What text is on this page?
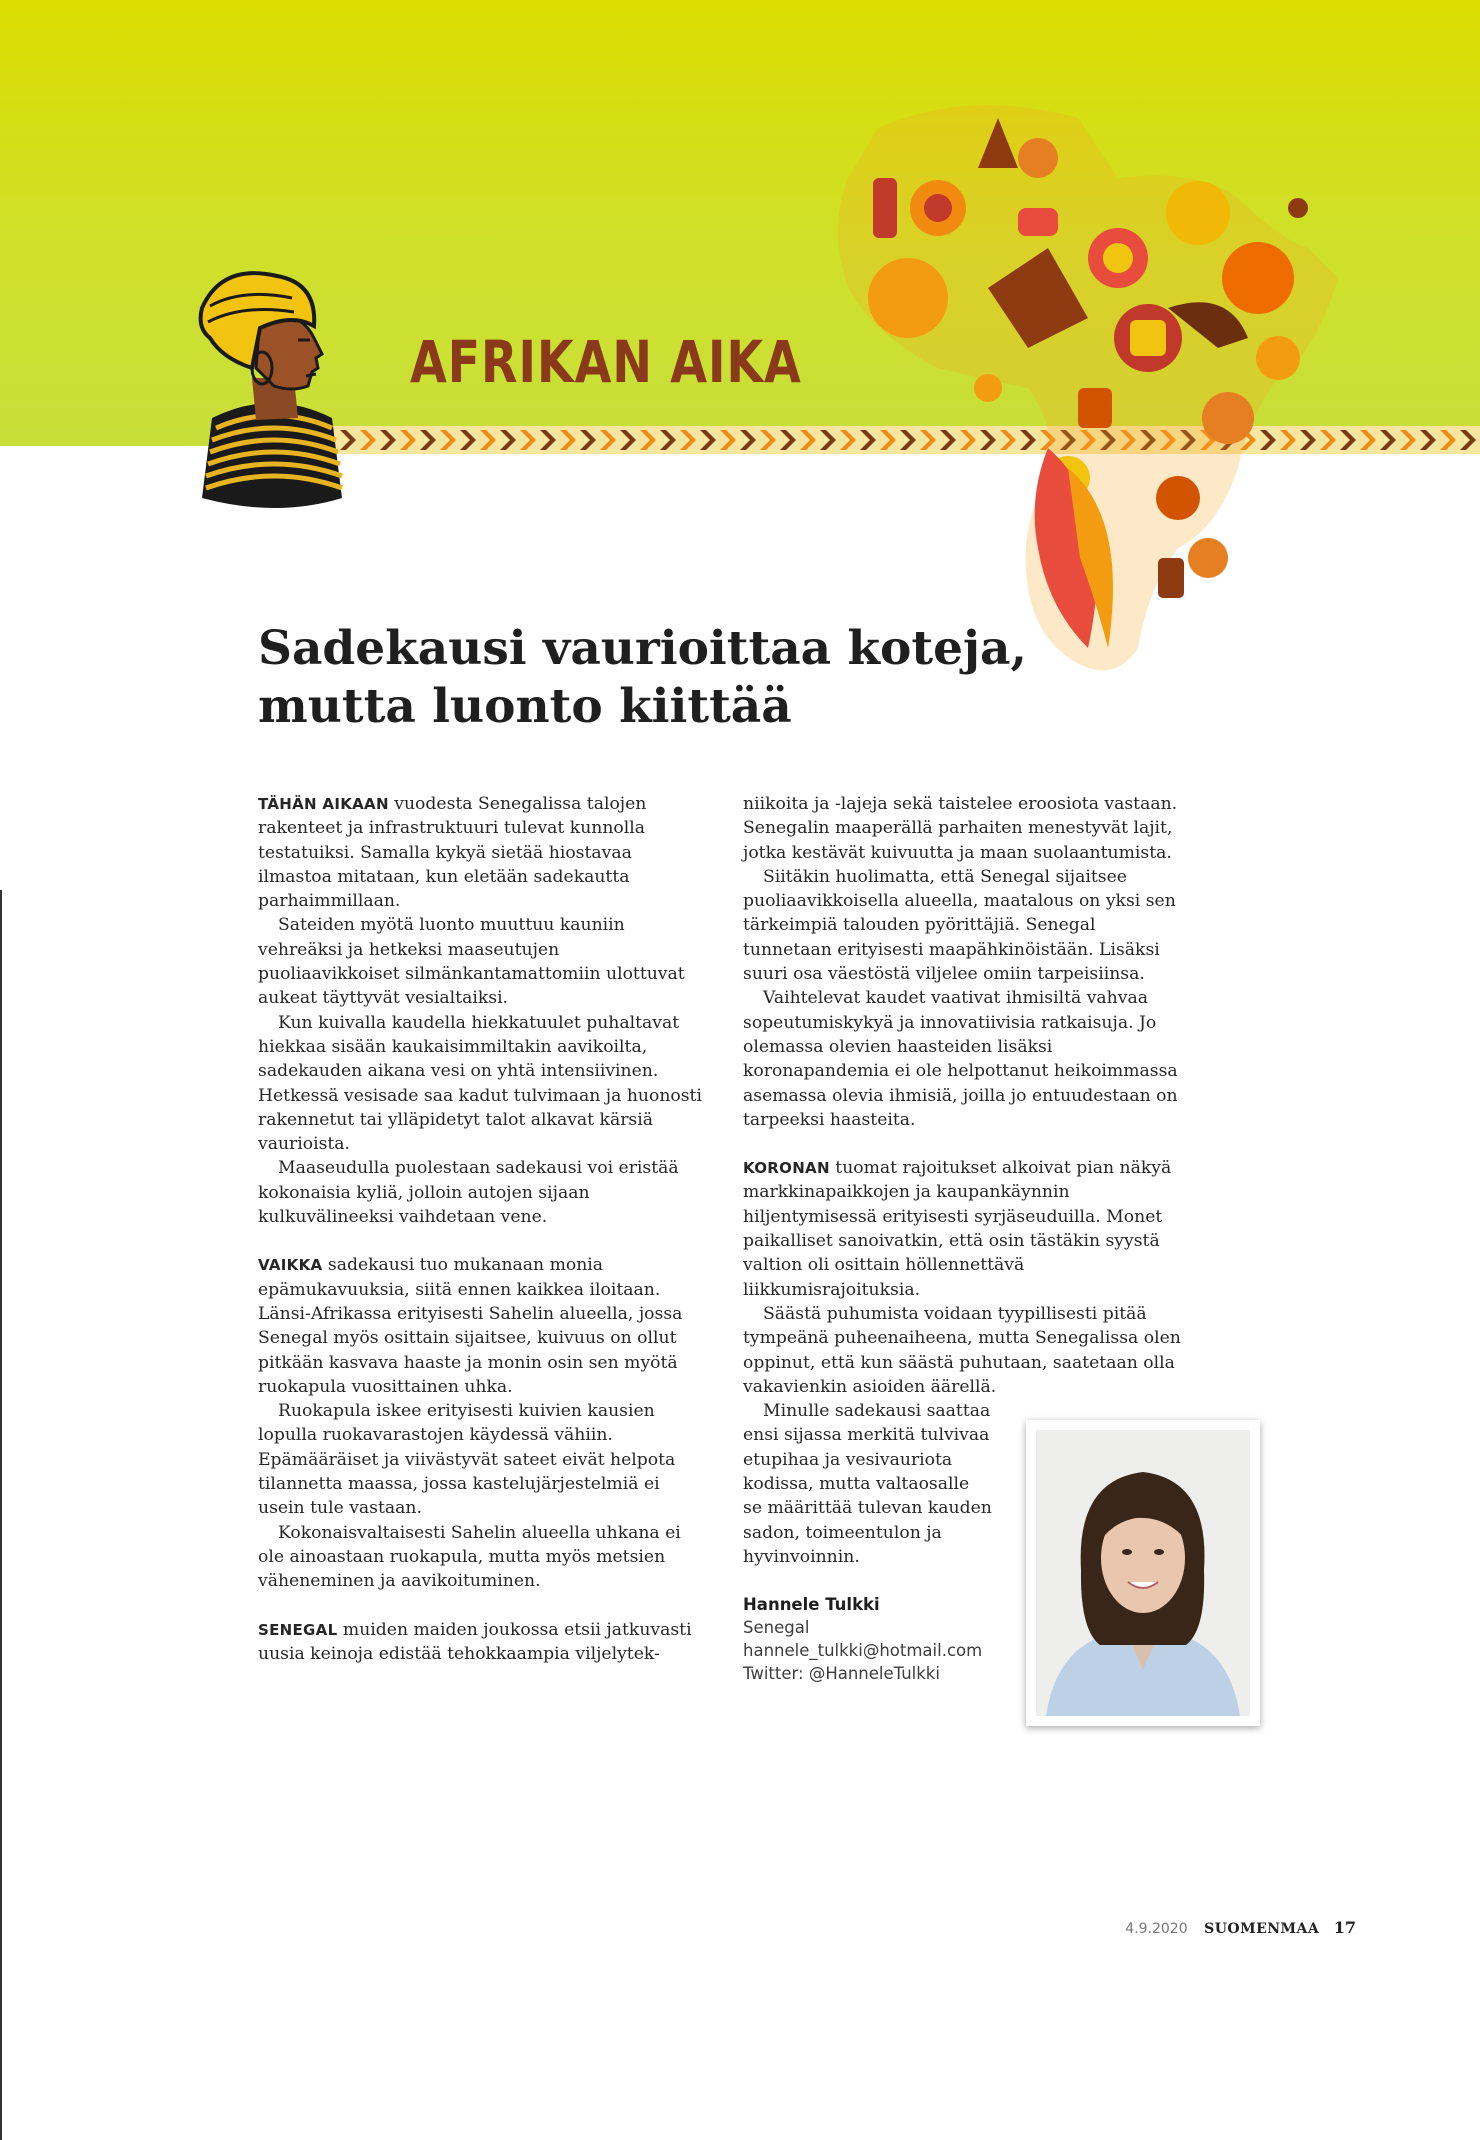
AFRIKAN AIKA
Sadekausi vaurioittaa koteja,
mutta luonto kiittää

TÄHÄN AIKAAN vuodesta Senegalissa talojen rakenteet ja infrastruktuuri tulevat kunnolla testatuiksi. Samalla kykyä sietää hiostavaa ilmastoa mitataan, kun eletään sadekautta parhaimmillaan.

Sateiden myötä luonto muuttuu kauniin vehreäksi ja hetkeksi maaseutujen puoliaavikkoiset silmänkantamattomiin ulottuvat aukeat täyttyvät vesialtaiksi.

Kun kuivalla kaudella hiekkatuulet puhaltavat hiekkaa sisään kaukaisimmiltakin aavikoilta, sadekauden aikana vesi on yhtä intensiivinen. Hetkessä vesisade saa kadut tulvimaan ja huonosti rakennetut tai ylläpidetyt talot alkavat kärsiä vaurioista.

Maaseudulla puolestaan sadekausi voi eristää kokonaisia kyliä, jolloin autojen sijaan kulkuvälineeksi vaihdetaan vene.

VAIKKA sadekausi tuo mukanaan monia epämukavuuksia, siitä ennen kaikkea iloitaan. Länsi-Afrikassa erityisesti Sahelin alueella, jossa Senegal myös osittain sijaitsee, kuivuus on ollut pitkään kasvava haaste ja monin osin sen myötä ruokapula vuosittainen uhka.

Ruokapula iskee erityisesti kuivien kausien lopulla ruokavarastojen käydessä vähiin. Epämääräiset ja viivästyvät sateet eivät helpota tilannetta maassa, jossa kastelujärjestelmiä ei usein tule vastaan.

Kokonaisvaltaisesti Sahelin alueella uhkana ei ole ainoastaan ruokapula, mutta myös metsien väheneminen ja aavikoituminen.

SENEGAL muiden maiden joukossa etsii jatkuvasti uusia keinoja edistää tehokkaampia viljelytek-

niikoita ja -lajeja sekä taistelee eroosiota vastaan. Senegalin maaperällä parhaiten menestyvät lajit, jotka kestävät kuivuutta ja maan suolaantumista.

Siitäkin huolimatta, että Senegal sijaitsee puoliaavikkoisella alueella, maatalous on yksi sen tärkeimpiä talouden pyörittäjiä. Senegal tunnetaan erityisesti maapähkinöistään. Lisäksi suuri osa väestöstä viljelee omiin tarpeisiinsa.

Vaihtelevat kaudet vaativat ihmisiltä vahvaa sopeutumiskykyä ja innovatiivisia ratkaisuja. Jo olemassa olevien haasteiden lisäksi koronapandemia ei ole helpottanut heikoimmassa asemassa olevia ihmisiä, joilla jo entuudestaan on tarpeeksi haasteita.

KORONAN tuomat rajoitukset alkoivat pian näkyä markkinapaikkojen ja kaupankäynnin hiljentymisessä erityisesti syrjäseuduilla. Monet paikalliset sanoivatkin, että osin tästäkin syystä valtion oli osittain höllennettävä liikkumisrajoituksia.

Säästä puhumista voidaan tyypillisesti pitää tympeänä puheenaiheena, mutta Senegalissa olen oppinut, että kun säästä puhutaan, saatetaan olla vakavienkin asioiden äärellä.

Minulle sadekausi saattaa ensi sijassa merkitä tulvivaa etupihaa ja vesivauriota kodissa, mutta valtaosalle se määrittää tulevan kauden sadon, toimeentulon ja hyvinvoinnin.

Hannele Tulkki
Senegal
hannele_tulkki@hotmail.com
Twitter: @HanneleTulkki
4.9.2020 SUOMENMAA 17
